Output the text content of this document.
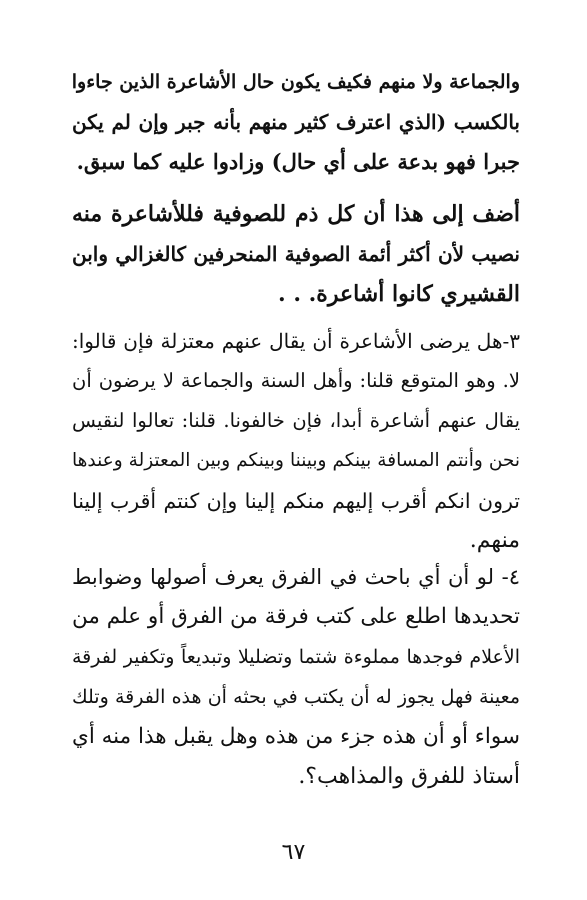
والجماعة ولا منهم فكيف يكون حال الأشاعرة الذين جاءوا
بالكسب (الذي اعترف كثير منهم بأنه جبر وإن لم يكن
جبرا فهو بدعة على أي حال) وزادوا عليه كما سبق.
أضف إلى هذا أن كل ذم للصوفية فللأشاعرة منه
نصيب لأن أكثر أئمة الصوفية المنحرفين كالغزالي وابن
القشيري كانوا أشاعرة. . .
٣-هل يرضى الأشاعرة أن يقال عنهم معتزلة فإن قالوا:
لا. وهو المتوقع قلنا: وأهل السنة والجماعة لا يرضون أن
يقال عنهم أشاعرة أبدا، فإن خالفونا. قلنا: تعالوا لنقيس
نحن وأنتم المسافة بينكم وبيننا وبينكم وبين المعتزلة وعندها
ترون انكم أقرب إليهم منكم إلينا وإن كنتم أقرب إلينا
منهم.
٤- لو أن أي باحث في الفرق يعرف أصولها وضوابط
تحديدها اطلع على كتب فرقة من الفرق أو علم من
الأعلام فوجدها مملوءة شتما وتضليلا وتبديعاً وتكفير لفرقة
معينة فهل يجوز له أن يكتب في بحثه أن هذه الفرقة وتلك
سواء أو أن هذه جزء من هذه وهل يقبل هذا منه أي
أستاذ للفرق والمذاهب؟.
٦٧
